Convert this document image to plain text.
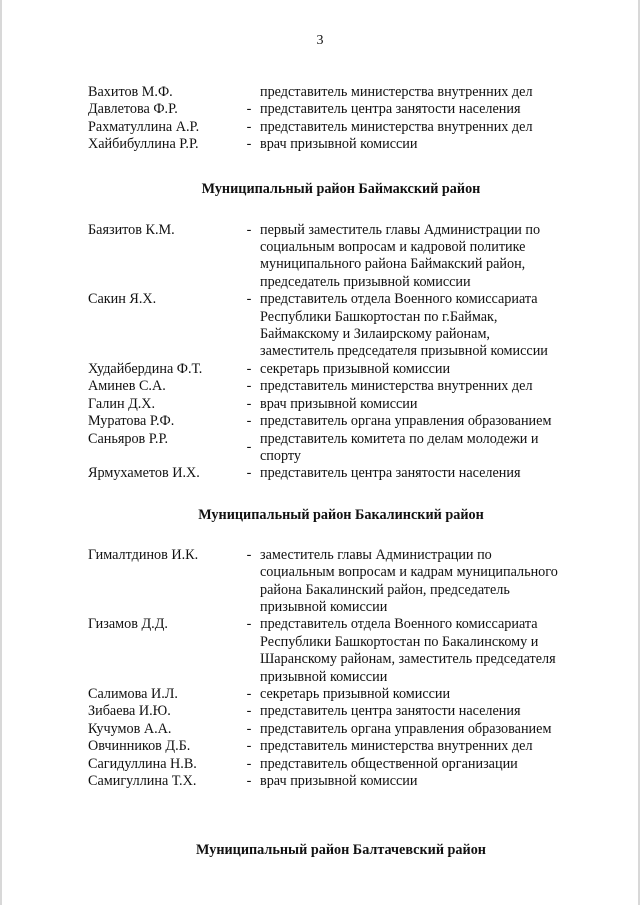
3
Вахитов М.Ф.	представитель министерства внутренних дел
Давлетова Ф.Р.	- представитель центра занятости населения
Рахматуллина А.Р.	- представитель министерства внутренних дел
Хайбибуллина Р.Р.	- врач призывной комиссии
Муниципальный район Баймакский район
Баязитов К.М.	- первый заместитель главы Администрации по
социальным вопросам и кадровой политике
муниципального района Баймакский район,
председатель призывной комиссии
Сакин Я.Х.	- представитель отдела Военного комиссариата
Республики Башкортостан по г.Баймак,
Баймакскому и Зилаирскому районам,
заместитель председателя призывной комиссии
Худайбердина Ф.Т.	- секретарь призывной комиссии
Аминев С.А.	- представитель министерства внутренних дел
Галин Д.Х.	- врач призывной комиссии
Муратова Р.Ф.	- представитель органа управления образованием
Саньяров Р.Р.	- представитель комитета по делам молодежи и
спорту
Ярмухаметов И.Х.	- представитель центра занятости населения
Муниципальный район Бакалинский район
Гималтдинов И.К.	- заместитель главы Администрации по
социальным вопросам и кадрам муниципального
района Бакалинский район, председатель
призывной комиссии
Гизамов Д.Д.	- представитель отдела Военного комиссариата
Республики Башкортостан по Бакалинскому и
Шаранскому районам, заместитель председателя
призывной комиссии
Салимова И.Л.	- секретарь призывной комиссии
Зибаева И.Ю.	- представитель центра занятости населения
Кучумов А.А.	- представитель органа управления образованием
Овчинников Д.Б.	- представитель министерства внутренних дел
Сагидуллина Н.В.	- представитель общественной организации
Самигуллина Т.Х.	- врач призывной комиссии
Муниципальный район Балтачевский район
